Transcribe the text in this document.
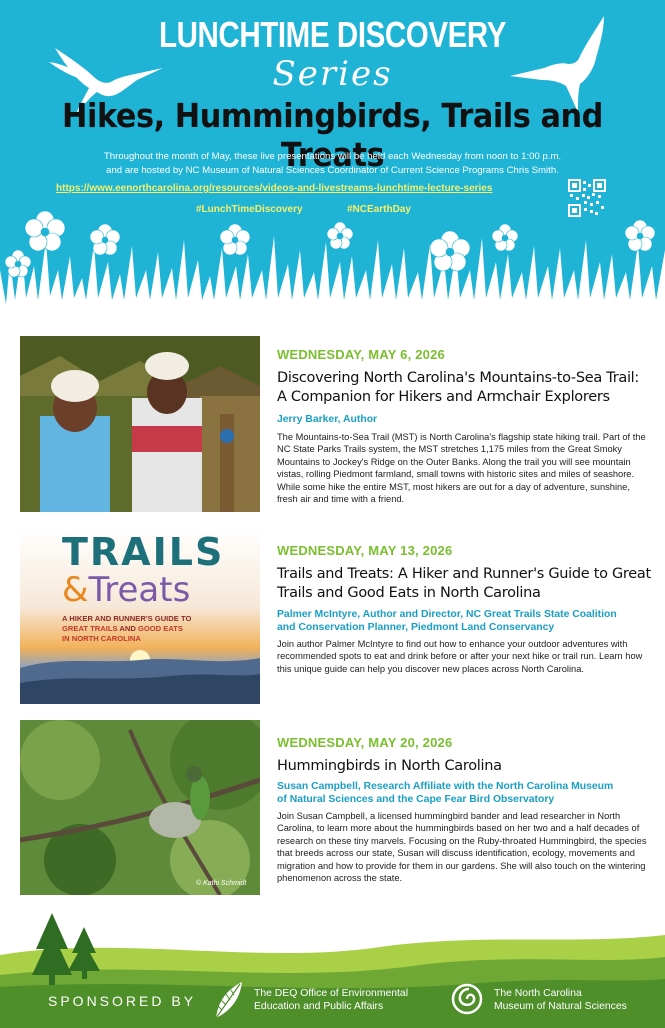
LUNCHTIME DISCOVERY
Series
Hikes, Hummingbirds, Trails and Treats
Throughout the month of May, these live presentations will be held each Wednesday from noon to 1:00 p.m.
and are hosted by NC Museum of Natural Sciences Coordinator of Current Science Programs Chris Smith.
https://www.eenorthcarolina.org/resources/videos-and-livestreams-lunchtime-lecture-series
#LunchTimeDiscovery	#NCEarthDay
WEDNESDAY, MAY 6, 2026
Discovering North Carolina's Mountains-to-Sea Trail:
A Companion for Hikers and Armchair Explorers
Jerry Barker, Author
The Mountains-to-Sea Trail (MST) is North Carolina's flagship state hiking trail. Part of the NC State Parks Trails system, the MST stretches 1,175 miles from the Great Smoky Mountains to Jockey's Ridge on the Outer Banks. Along the trail you will see mountain vistas, rolling Piedmont farmland, small towns with historic sites and miles of seashore. While some hike the entire MST, most hikers are out for a day of adventure, sunshine, fresh air and time with a friend.
TRAILS
&Treats
A HIKER AND RUNNER'S GUIDE TO
GREAT TRAILS AND GOOD EATS
IN NORTH CAROLINA
WEDNESDAY, MAY 13, 2026
Trails and Treats: A Hiker and Runner's Guide to Great
Trails and Good Eats in North Carolina
Palmer McIntyre, Author and Director, NC Great Trails State Coalition
and Conservation Planner, Piedmont Land Conservancy
Join author Palmer McIntyre to find out how to enhance your outdoor adventures with recommended spots to eat and drink before or after your next hike or trail run. Learn how this unique guide can help you discover new places across North Carolina.
© Kathi Schmidt
WEDNESDAY, MAY 20, 2026
Hummingbirds in North Carolina
Susan Campbell, Research Affiliate with the North Carolina Museum
of Natural Sciences and the Cape Fear Bird Observatory
Join Susan Campbell, a licensed hummingbird bander and lead researcher in North Carolina, to learn more about the hummingbirds based on her two and a half decades of research on these tiny marvels. Focusing on the Ruby-throated Hummingbird, the species that breeds across our state, Susan will discuss identification, ecology, movements and migration and how to provide for them in our gardens. She will also touch on the wintering phenomenon across the state.
SPONSORED BY	The DEQ Office of Environmental
Education and Public Affairs
The North Carolina
Museum of Natural Sciences
